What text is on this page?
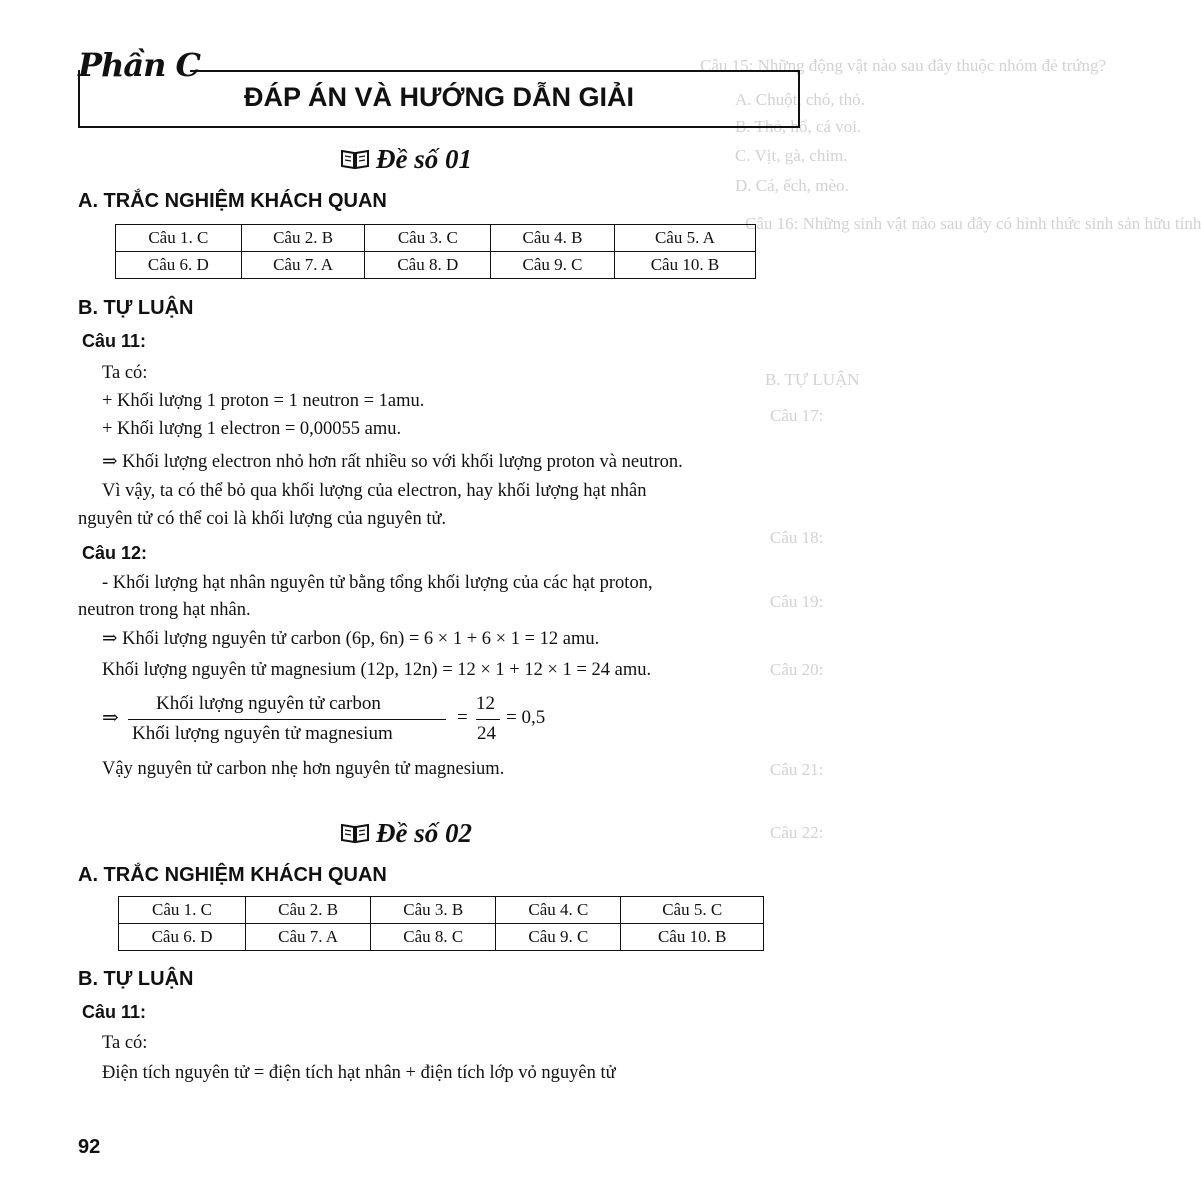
Câu 15: Những động vật nào sau đây thuộc nhóm đẻ trứng?
A. Chuột, chó, thỏ.
B. Thỏ, hổ, cá voi.
C. Vịt, gà, chim.
D. Cá, ếch, mèo.
Câu 16: Những sinh vật nào sau đây có hình thức sinh sản hữu tính
B. TỰ LUẬN
Câu 17:
Câu 18:
Câu 19:
Câu 20:
Câu 21:
Câu 22:
Phần C
ĐÁP ÁN VÀ HƯỚNG DẪN GIẢI
Đề số 01
A. TRẮC NGHIỆM KHÁCH QUAN
Câu 1. C	Câu 2. B	Câu 3. C	Câu 4. B	Câu 5. A
Câu 6. D	Câu 7. A	Câu 8. D	Câu 9. C	Câu 10. B
B. TỰ LUẬN
Câu 11:
Ta có:
+ Khối lượng 1 proton = 1 neutron = 1amu.
+ Khối lượng 1 electron = 0,00055 amu.
⇒ Khối lượng electron nhỏ hơn rất nhiều so với khối lượng proton và neutron.
Vì vậy, ta có thể bỏ qua khối lượng của electron, hay khối lượng hạt nhân
nguyên tử có thể coi là khối lượng của nguyên tử.
Câu 12:
- Khối lượng hạt nhân nguyên tử bằng tổng khối lượng của các hạt proton,
neutron trong hạt nhân.
⇒ Khối lượng nguyên tử carbon (6p, 6n) = 6 × 1 + 6 × 1 = 12 amu.
Khối lượng nguyên tử magnesium (12p, 12n) = 12 × 1 + 12 × 1 = 24 amu.
⇒
Khối lượng nguyên tử carbon
Khối lượng nguyên tử magnesium
=
12
24
= 0,5
Vậy nguyên tử carbon nhẹ hơn nguyên tử magnesium.
Đề số 02
A. TRẮC NGHIỆM KHÁCH QUAN
Câu 1. C	Câu 2. B	Câu 3. B	Câu 4. C	Câu 5. C
Câu 6. D	Câu 7. A	Câu 8. C	Câu 9. C	Câu 10. B
B. TỰ LUẬN
Câu 11:
Ta có:
Điện tích nguyên tử = điện tích hạt nhân + điện tích lớp vỏ nguyên tử
92
